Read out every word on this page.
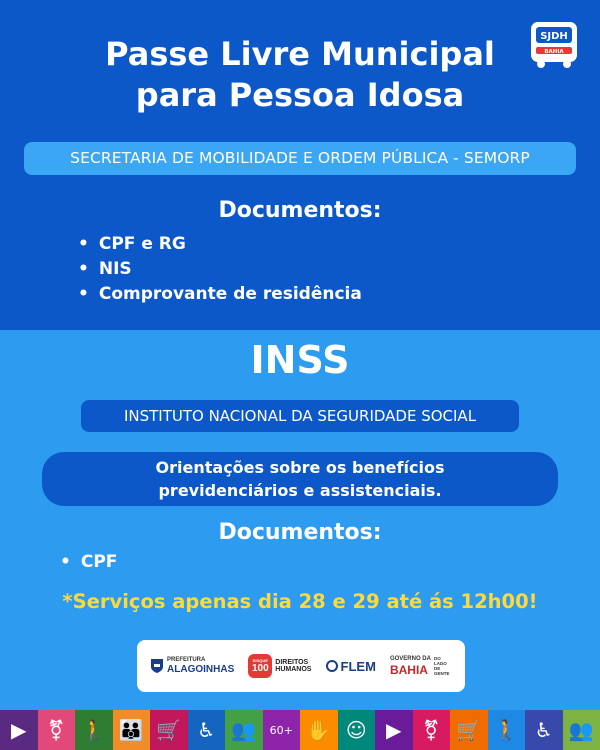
SJDH
BAHIA
Passe Livre Municipal
para Pessoa Idosa
SECRETARIA DE MOBILIDADE E ORDEM PÚBLICA - SEMORP
Documentos:
• CPF e RG
• NIS
• Comprovante de residência
INSS
INSTITUTO NACIONAL DA SEGURIDADE SOCIAL
Orientações sobre os benefícios
previdenciários e assistenciais.
Documentos:
• CPF
*Serviços apenas dia 28 e 29 até ás 12h00!
PREFEITURA
ALAGOINHAS
DISQUE
100
DIREITOS
HUMANOS FLEM GOVERNO DA
BAHIA
DO LADO DE GENTE
▶	⚧ 🚶 👪 🛒 ♿ 👥	60+ ✋ ☺ ▶	⚧ 🛒 🚶 ♿ 👥
